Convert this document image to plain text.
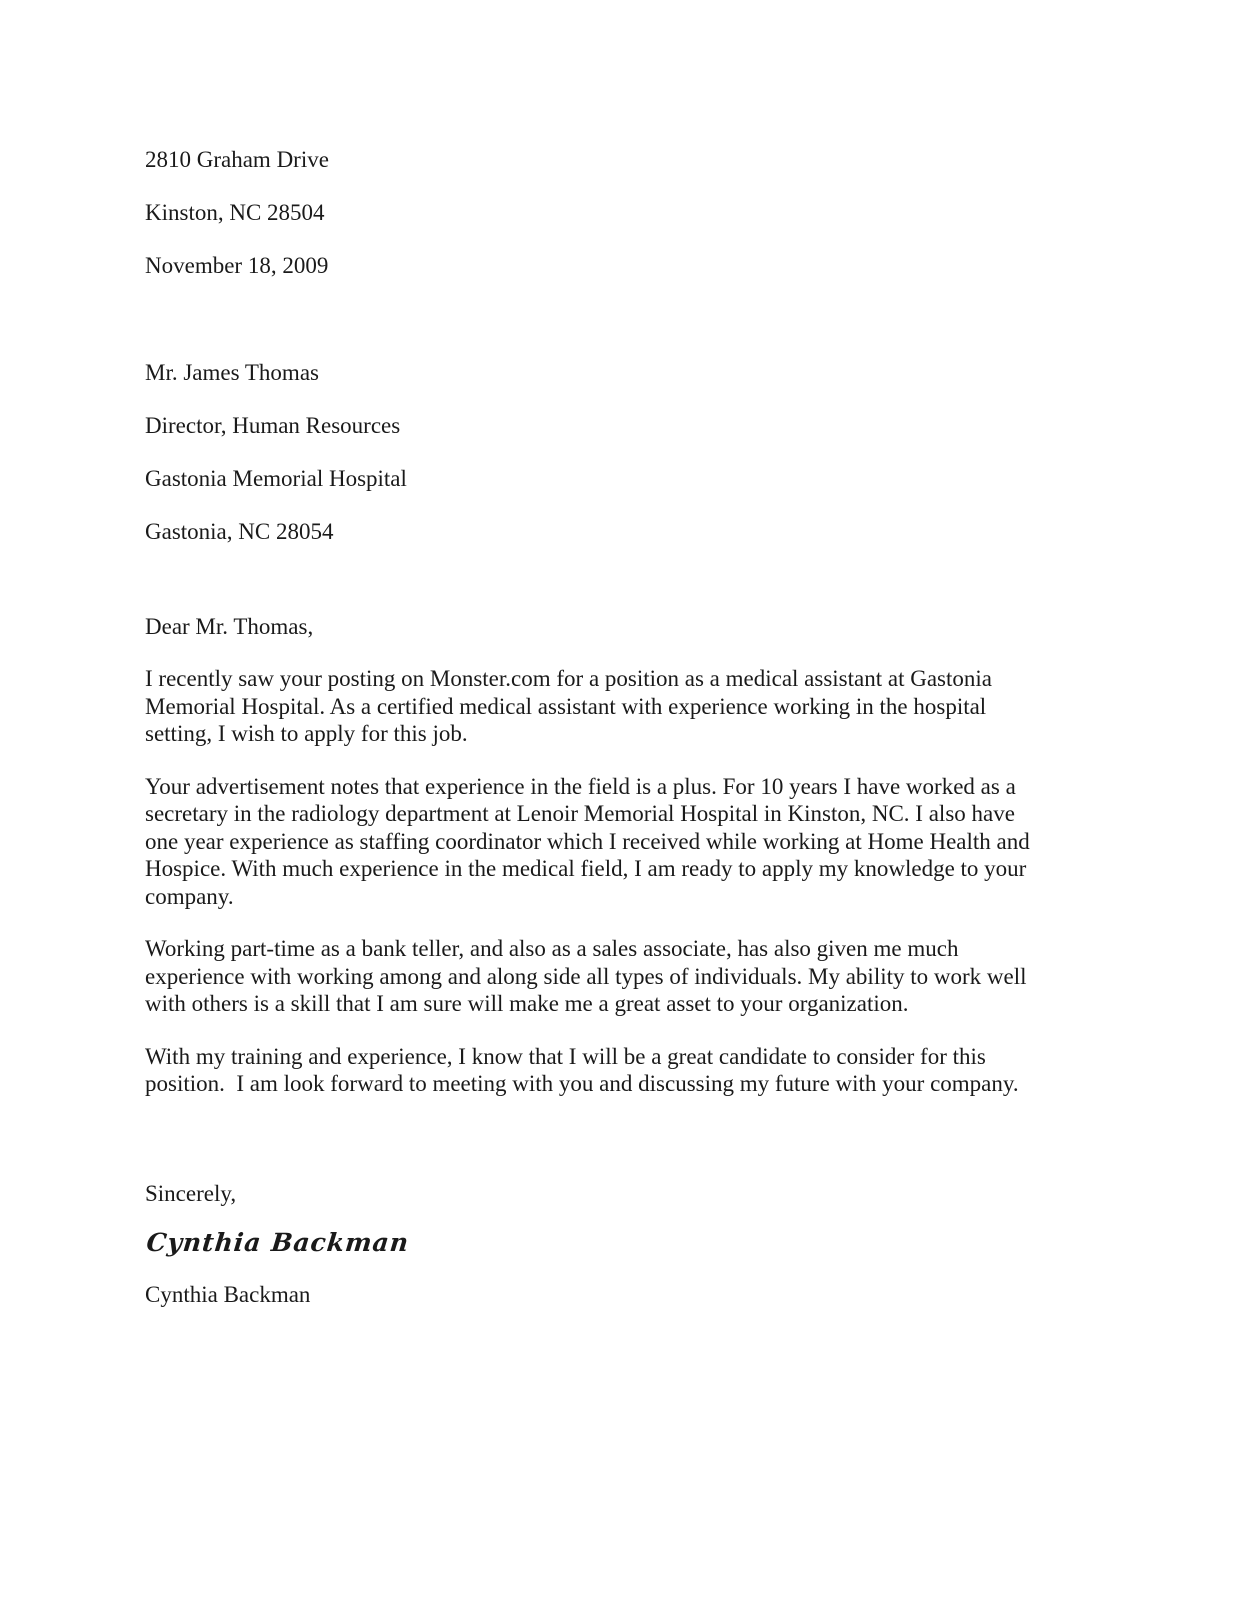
2810 Graham Drive

Kinston, NC 28504

November 18, 2009

Mr. James Thomas

Director, Human Resources

Gastonia Memorial Hospital

Gastonia, NC 28054

Dear Mr. Thomas,

I recently saw your posting on Monster.com for a position as a medical assistant at Gastonia
Memorial Hospital. As a certified medical assistant with experience working in the hospital
setting, I wish to apply for this job.

Your advertisement notes that experience in the field is a plus. For 10 years I have worked as a
secretary in the radiology department at Lenoir Memorial Hospital in Kinston, NC. I also have
one year experience as staffing coordinator which I received while working at Home Health and
Hospice. With much experience in the medical field, I am ready to apply my knowledge to your
company.

Working part-time as a bank teller, and also as a sales associate, has also given me much
experience with working among and along side all types of individuals. My ability to work well
with others is a skill that I am sure will make me a great asset to your organization.

With my training and experience, I know that I will be a great candidate to consider for this
position.  I am look forward to meeting with you and discussing my future with your company.

Sincerely,

Cynthia Backman

Cynthia Backman
